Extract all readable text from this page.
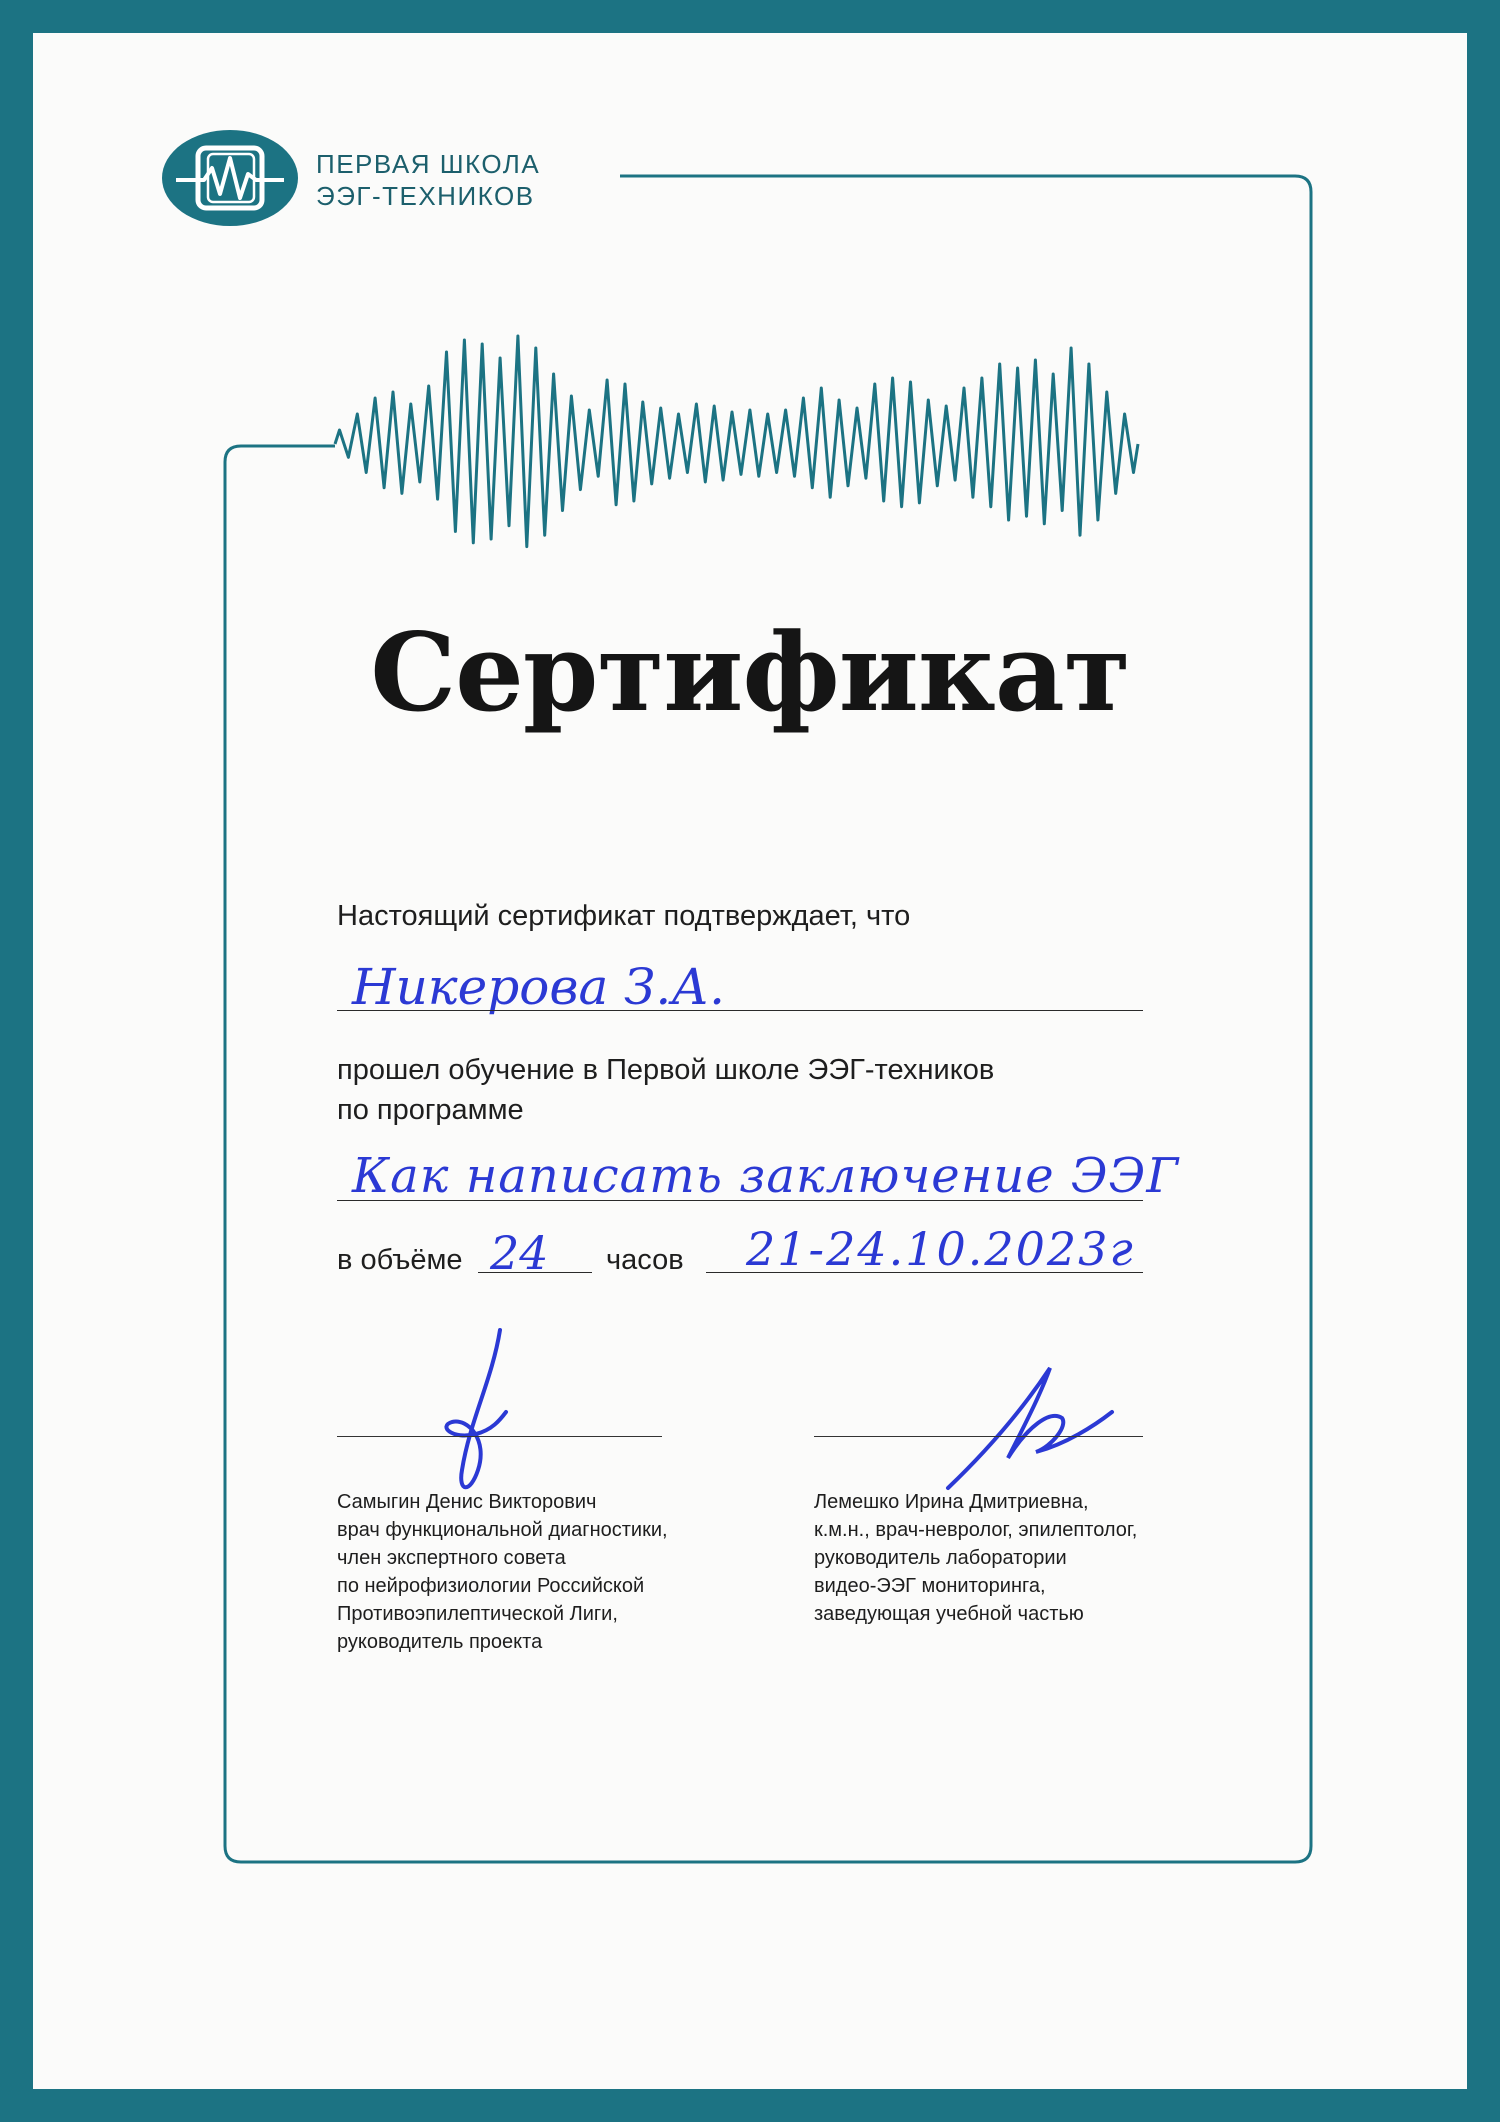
ПЕРВАЯ ШКОЛА
ЭЭГ-ТЕХНИКОВ
Сертификат
Настоящий сертификат подтверждает, что
Никерова З.А.
прошел обучение в Первой школе ЭЭГ-техников
по программе
Как написать заключение ЭЭГ
в объёме 24 часов 21-24.10.2023г
Самыгин Денис Викторович
врач функциональной диагностики,
член экспертного совета
по нейрофизиологии Российской
Противоэпилептической Лиги,
руководитель проекта
Лемешко Ирина Дмитриевна,
к.м.н., врач-невролог, эпилептолог,
руководитель лаборатории
видео-ЭЭГ мониторинга,
заведующая учебной частью
